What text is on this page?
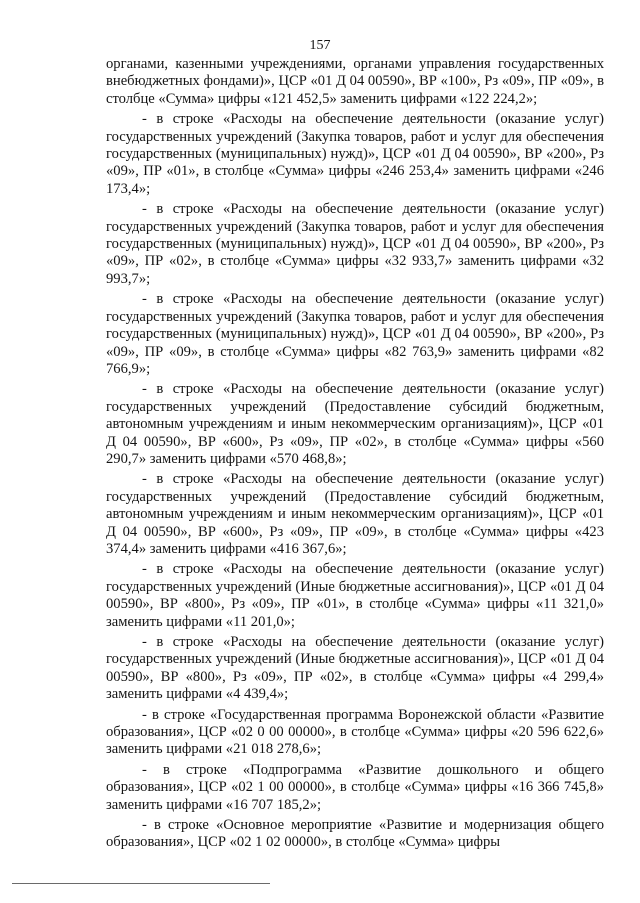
157

органами, казенными учреждениями, органами управления государственных внебюджетных фондами)», ЦСР «01 Д 04 00590», ВР «100», Рз «09», ПР «09», в столбце «Сумма» цифры «121 452,5» заменить цифрами «122 224,2»;

- в строке «Расходы на обеспечение деятельности (оказание услуг) государственных учреждений (Закупка товаров, работ и услуг для обеспечения государственных (муниципальных) нужд)», ЦСР «01 Д 04 00590», ВР «200», Рз «09», ПР «01», в столбце «Сумма» цифры «246 253,4» заменить цифрами «246 173,4»;

- в строке «Расходы на обеспечение деятельности (оказание услуг) государственных учреждений (Закупка товаров, работ и услуг для обеспечения государственных (муниципальных) нужд)», ЦСР «01 Д 04 00590», ВР «200», Рз «09», ПР «02», в столбце «Сумма» цифры «32 933,7» заменить цифрами «32 993,7»;

- в строке «Расходы на обеспечение деятельности (оказание услуг) государственных учреждений (Закупка товаров, работ и услуг для обеспечения государственных (муниципальных) нужд)», ЦСР «01 Д 04 00590», ВР «200», Рз «09», ПР «09», в столбце «Сумма» цифры «82 763,9» заменить цифрами «82 766,9»;

- в строке «Расходы на обеспечение деятельности (оказание услуг) государственных учреждений (Предоставление субсидий бюджетным, автономным учреждениям и иным некоммерческим организациям)», ЦСР «01 Д 04 00590», ВР «600», Рз «09», ПР «02», в столбце «Сумма» цифры «560 290,7» заменить цифрами «570 468,8»;

- в строке «Расходы на обеспечение деятельности (оказание услуг) государственных учреждений (Предоставление субсидий бюджетным, автономным учреждениям и иным некоммерческим организациям)», ЦСР «01 Д 04 00590», ВР «600», Рз «09», ПР «09», в столбце «Сумма» цифры «423 374,4» заменить цифрами «416 367,6»;

- в строке «Расходы на обеспечение деятельности (оказание услуг) государственных учреждений (Иные бюджетные ассигнования)», ЦСР «01 Д 04 00590», ВР «800», Рз «09», ПР «01», в столбце «Сумма» цифры «11 321,0» заменить цифрами «11 201,0»;

- в строке «Расходы на обеспечение деятельности (оказание услуг) государственных учреждений (Иные бюджетные ассигнования)», ЦСР «01 Д 04 00590», ВР «800», Рз «09», ПР «02», в столбце «Сумма» цифры «4 299,4» заменить цифрами «4 439,4»;

- в строке «Государственная программа Воронежской области «Развитие образования», ЦСР «02 0 00 00000», в столбце «Сумма» цифры «20 596 622,6» заменить цифрами «21 018 278,6»;

- в строке «Подпрограмма «Развитие дошкольного и общего образования», ЦСР «02 1 00 00000», в столбце «Сумма» цифры «16 366 745,8» заменить цифрами «16 707 185,2»;

- в строке «Основное мероприятие «Развитие и модернизация общего образования», ЦСР «02 1 02 00000», в столбце «Сумма» цифры
